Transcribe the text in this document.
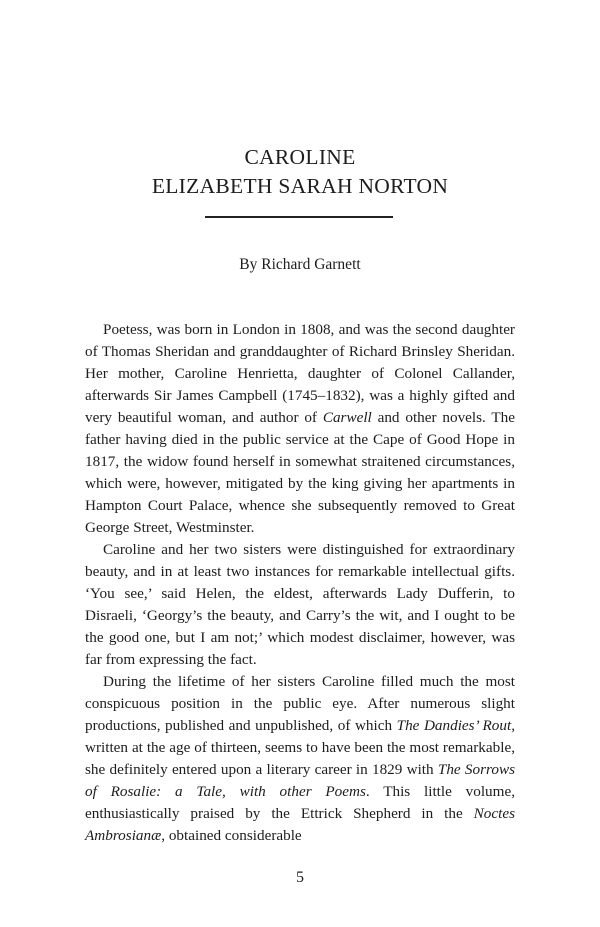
CAROLINE
ELIZABETH SARAH NORTON
By Richard Garnett

Poetess, was born in London in 1808, and was the second daughter of Thomas Sheridan and granddaughter of Richard Brinsley Sheridan. Her mother, Caroline Henrietta, daughter of Colonel Callander, afterwards Sir James Campbell (1745–1832), was a highly gifted and very beautiful woman, and author of Carwell and other novels. The father having died in the public service at the Cape of Good Hope in 1817, the widow found herself in somewhat straitened circumstances, which were, however, mitigated by the king giving her apartments in Hampton Court Palace, whence she subsequently removed to Great George Street, Westminster.

Caroline and her two sisters were distinguished for extraordinary beauty, and in at least two instances for remarkable intellectual gifts. ‘You see,’ said Helen, the eldest, afterwards Lady Dufferin, to Disraeli, ‘Georgy’s the beauty, and Carry’s the wit, and I ought to be the good one, but I am not;’ which modest disclaimer, however, was far from expressing the fact.

During the lifetime of her sisters Caroline filled much the most conspicuous position in the public eye. After numerous slight productions, published and unpublished, of which The Dandies’ Rout, written at the age of thirteen, seems to have been the most remarkable, she definitely entered upon a literary career in 1829 with The Sorrows of Rosalie: a Tale, with other Poems. This little volume, enthusiastically praised by the Ettrick Shepherd in the Noctes Ambrosianæ, obtained considerable

5
